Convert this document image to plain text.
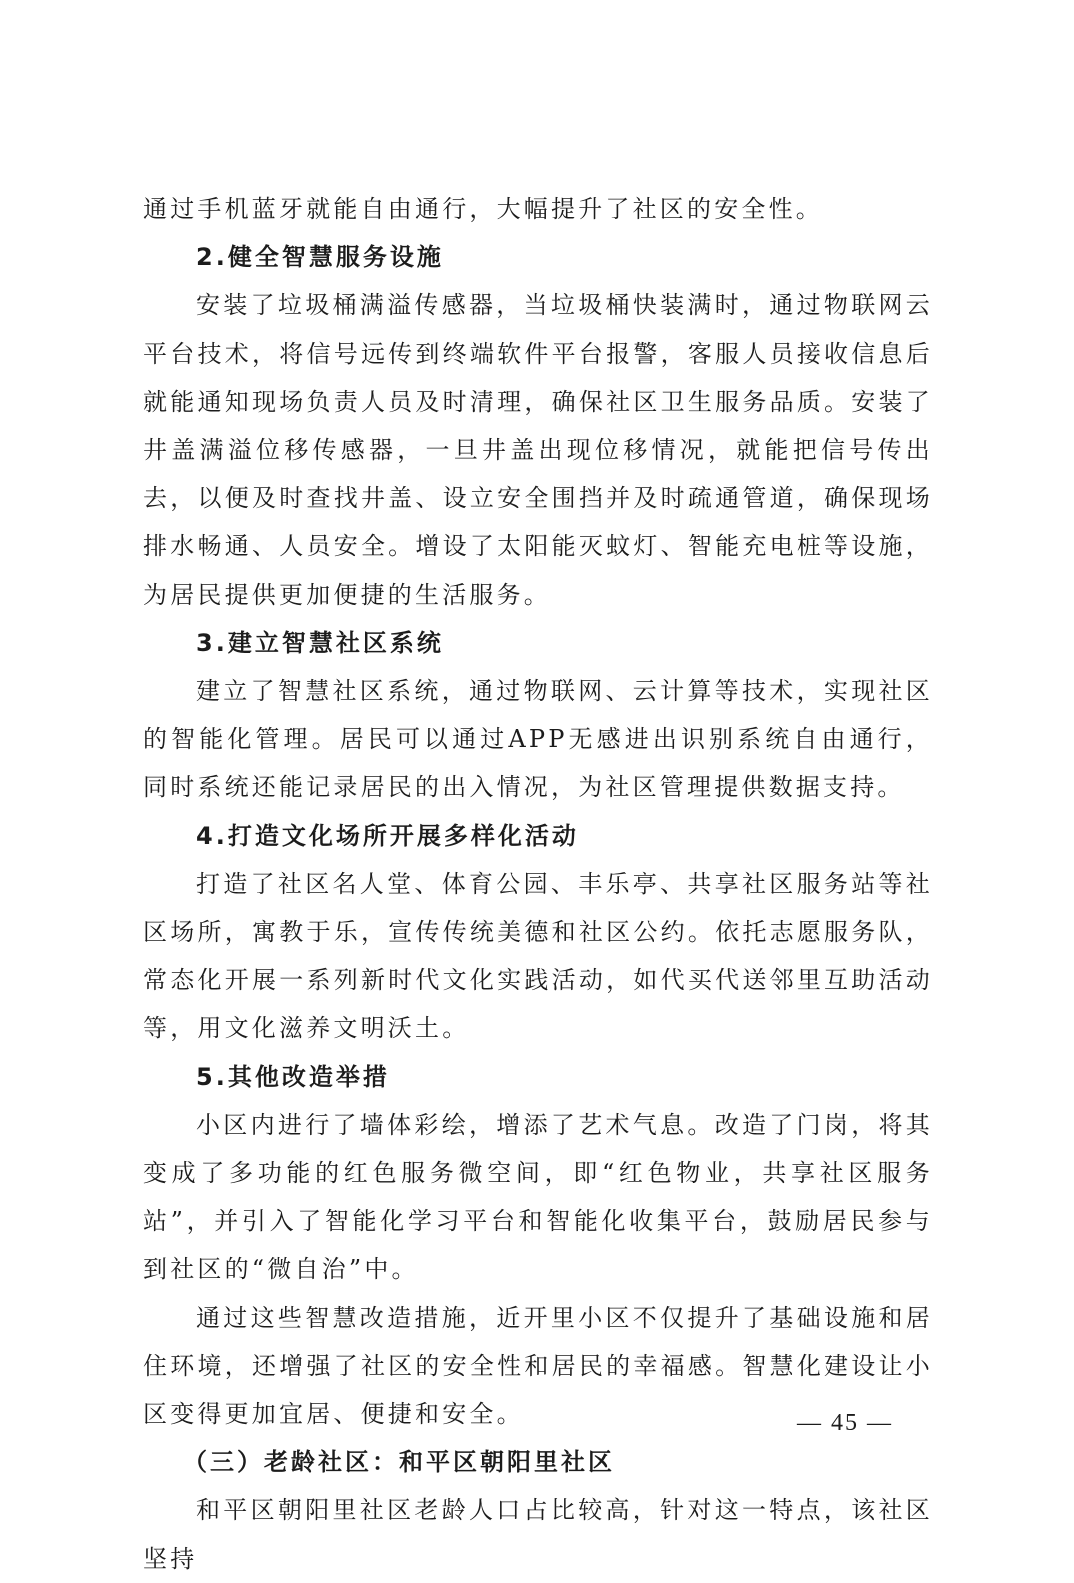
通过手机蓝牙就能自由通行，大幅提升了社区的安全性。

2.健全智慧服务设施

安装了垃圾桶满溢传感器，当垃圾桶快装满时，通过物联网云平台技术，将信号远传到终端软件平台报警，客服人员接收信息后就能通知现场负责人员及时清理，确保社区卫生服务品质。安装了井盖满溢位移传感器，一旦井盖出现位移情况，就能把信号传出去，以便及时查找井盖、设立安全围挡并及时疏通管道，确保现场排水畅通、人员安全。增设了太阳能灭蚊灯、智能充电桩等设施，为居民提供更加便捷的生活服务。

3.建立智慧社区系统

建立了智慧社区系统，通过物联网、云计算等技术，实现社区的智能化管理。居民可以通过APP无感进出识别系统自由通行，同时系统还能记录居民的出入情况，为社区管理提供数据支持。

4.打造文化场所开展多样化活动

打造了社区名人堂、体育公园、丰乐亭、共享社区服务站等社区场所，寓教于乐，宣传传统美德和社区公约。依托志愿服务队，常态化开展一系列新时代文化实践活动，如代买代送邻里互助活动等，用文化滋养文明沃土。

5.其他改造举措

小区内进行了墙体彩绘，增添了艺术气息。改造了门岗，将其变成了多功能的红色服务微空间，即“红色物业，共享社区服务站”，并引入了智能化学习平台和智能化收集平台，鼓励居民参与到社区的“微自治”中。

通过这些智慧改造措施，近开里小区不仅提升了基础设施和居住环境，还增强了社区的安全性和居民的幸福感。智慧化建设让小区变得更加宜居、便捷和安全。

（三）老龄社区：和平区朝阳里社区

和平区朝阳里社区老龄人口占比较高，针对这一特点，该社区坚持

— 45 —
